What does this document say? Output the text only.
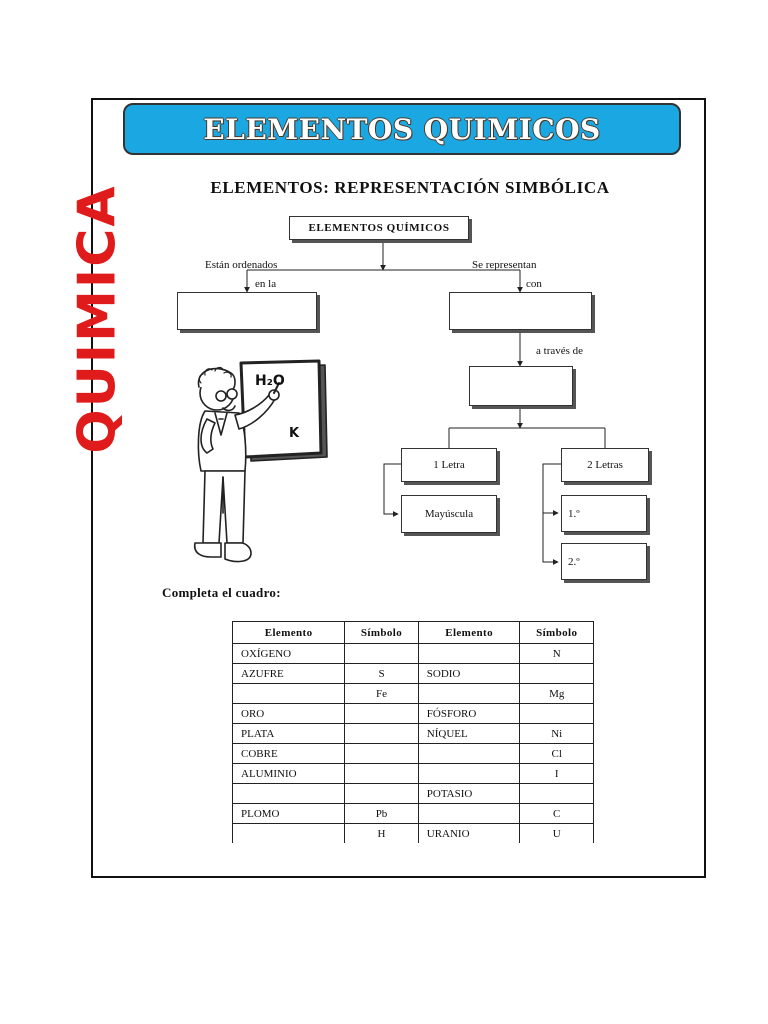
ELEMENTOS QUIMICOS
QUIMICA	ELEMENTOS: REPRESENTACIÓN SIMBÓLICA
ELEMENTOS QUÍMICOS
Están ordenados
en la
Se representan
con
a través de
1 Letra	2 Letras
Mayúscula	1.º
2.º
H₂O
K
Completa el cuadro:
Elemento	Símbolo	Elemento	Símbolo
OXÍGENO			N
AZUFRE	S	SODIO	
	Fe		Mg
ORO		FÓSFORO	
PLATA		NÍQUEL	Ni
COBRE			Cl
ALUMINIO			I
		POTASIO	
PLOMO	Pb		C
	H	URANIO	U
